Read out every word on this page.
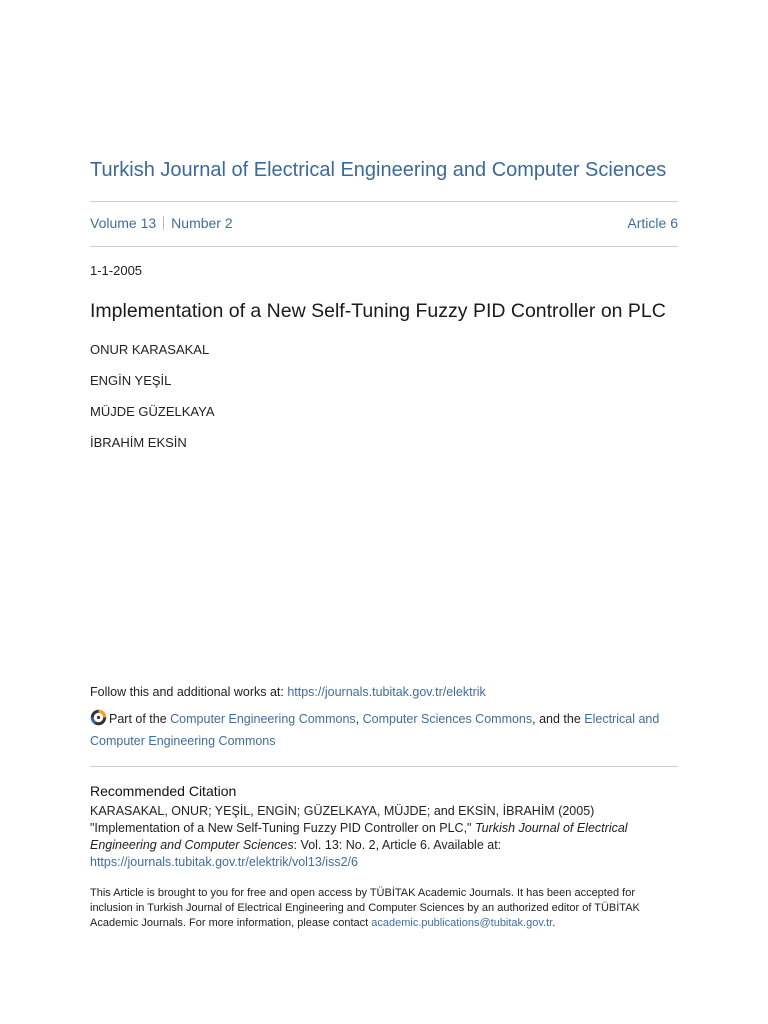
Turkish Journal of Electrical Engineering and Computer Sciences
Volume 13 Number 2	Article 6
1-1-2005
Implementation of a New Self-Tuning Fuzzy PID Controller on PLC
ONUR KARASAKAL
ENGİN YEŞİL
MÜJDE GÜZELKAYA
İBRAHİM EKSİN
Follow this and additional works at: https://journals.tubitak.gov.tr/elektrik
Part of the Computer Engineering Commons, Computer Sciences Commons, and the Electrical and Computer Engineering Commons
Recommended Citation
KARASAKAL, ONUR; YEŞİL, ENGİN; GÜZELKAYA, MÜJDE; and EKSİN, İBRAHİM (2005) "Implementation of a New Self-Tuning Fuzzy PID Controller on PLC," Turkish Journal of Electrical Engineering and Computer Sciences: Vol. 13: No. 2, Article 6. Available at: https://journals.tubitak.gov.tr/elektrik/vol13/iss2/6
This Article is brought to you for free and open access by TÜBİTAK Academic Journals. It has been accepted for inclusion in Turkish Journal of Electrical Engineering and Computer Sciences by an authorized editor of TÜBİTAK Academic Journals. For more information, please contact academic.publications@tubitak.gov.tr.
